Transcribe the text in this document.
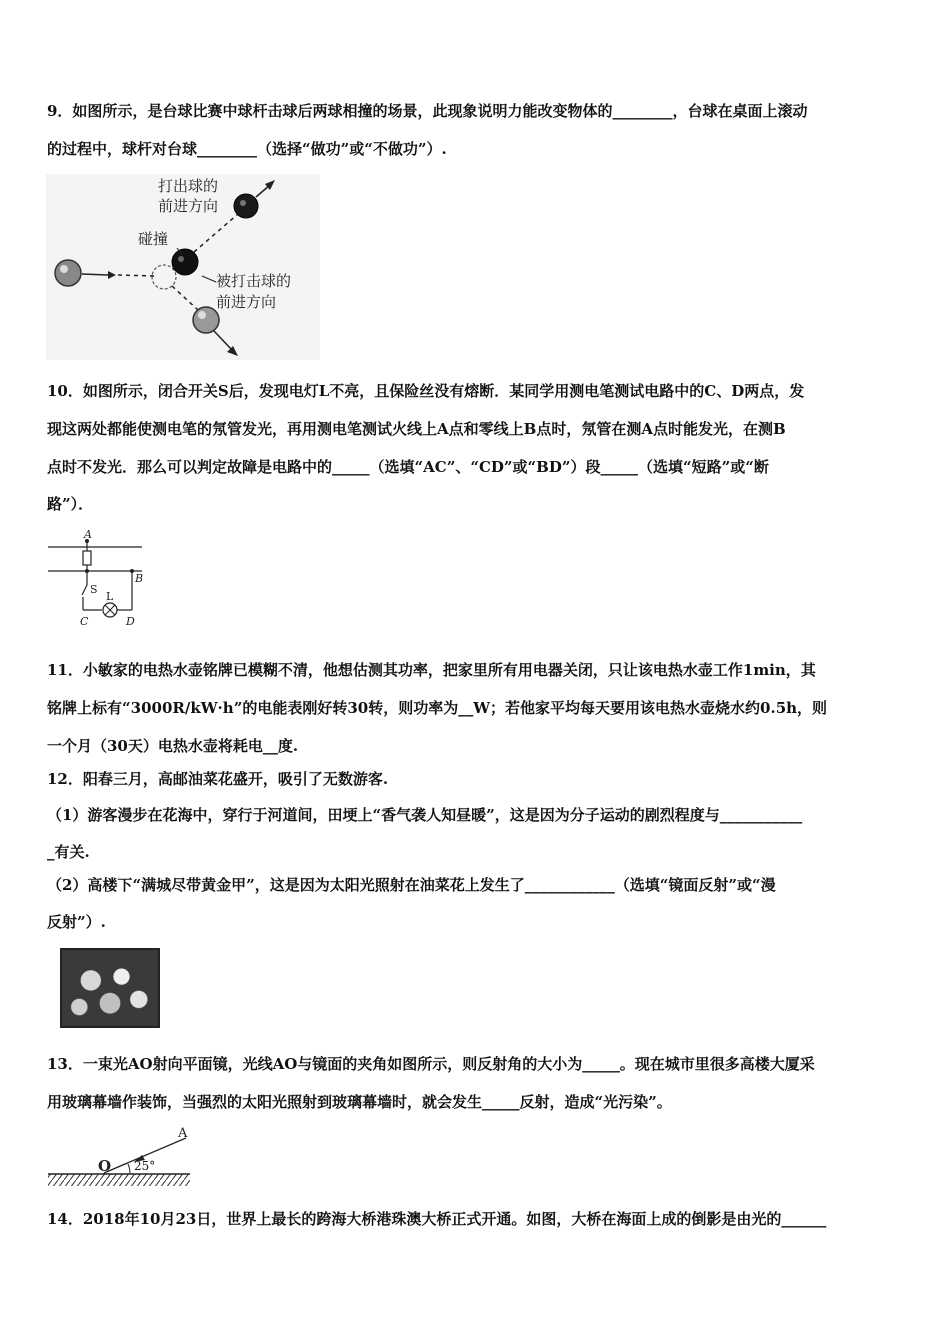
9．如图所示，是台球比赛中球杆击球后两球相撞的场景，此现象说明力能改变物体的________，台球在桌面上滚动
的过程中，球杆对台球________（选择“做功”或“不做功”）.
打出球的
前进方向
碰撞
被打击球的
前进方向
10．如图所示，闭合开关S后，发现电灯L不亮，且保险丝没有熔断．某同学用测电笔测试电路中的C、D两点，发
现这两处都能使测电笔的氖管发光，再用测电笔测试火线上A点和零线上B点时，氖管在测A点时能发光，在测B
点时不发光．那么可以判定故障是电路中的_____（选填“AC”、“CD”或“BD”）段_____（选填“短路”或“断
路”）．
A
B
S
L
C	D
11．小敏家的电热水壶铭牌已模糊不清，他想估测其功率，把家里所有用电器关闭，只让该电热水壶工作1min，其
铭牌上标有“3000R/kW·h”的电能表刚好转30转，则功率为__W；若他家平均每天要用该电热水壶烧水约0.5h，则
一个月（30天）电热水壶将耗电__度.
12．阳春三月，高邮油菜花盛开，吸引了无数游客.
（1）游客漫步在花海中，穿行于河道间，田埂上“香气袭人知昼暖”，这是因为分子运动的剧烈程度与___________
_有关.
（2）高楼下“满城尽带黄金甲”，这是因为太阳光照射在油菜花上发生了____________（选填“镜面反射”或“漫
反射”）.
13．一束光AO射向平面镜，光线AO与镜面的夹角如图所示，则反射角的大小为_____。现在城市里很多高楼大厦采
用玻璃幕墙作装饰，当强烈的太阳光照射到玻璃幕墙时，就会发生_____反射，造成“光污染”。
A
O 25°
14．2018年10月23日，世界上最长的跨海大桥港珠澳大桥正式开通。如图，大桥在海面上成的倒影是由光的______
